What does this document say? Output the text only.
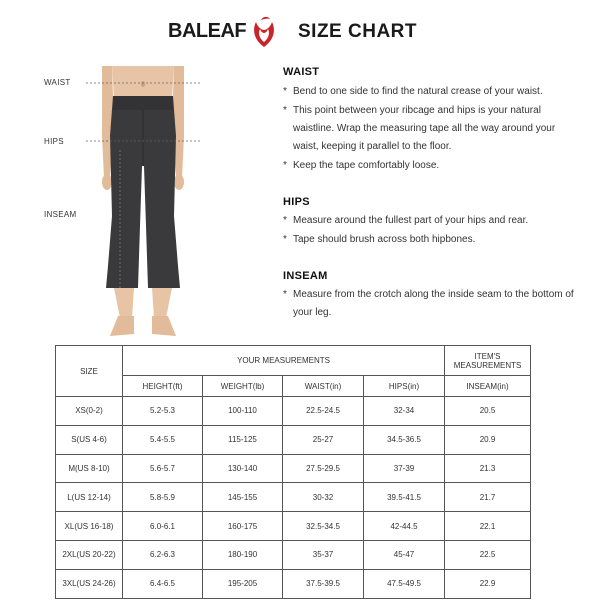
BALEAF	SIZE CHART
WAIST
HIPS
INSEAM
WAIST
* Bend to one side to find the natural crease of your waist.
* This point between your ribcage and hips is your natural waistline. Wrap the measuring tape all the way around your waist, keeping it parallel to the floor.
* Keep the tape comfortably loose.
HIPS
* Measure around the fullest part of your hips and rear.
* Tape should brush across both hipbones.
INSEAM
* Measure from the crotch along the inside seam to the bottom of your leg.
SIZE	YOUR MEASUREMENTS				ITEM'S MEASUREMENTS
	HEIGHT(ft)	WEIGHT(lb)	WAIST(in)	HIPS(in)	INSEAM(in)
XS(0-2)	5.2-5.3	100-110	22.5-24.5	32-34	20.5
S(US 4-6)	5.4-5.5	115-125	25-27	34.5-36.5	20.9
M(US 8-10)	5.6-5.7	130-140	27.5-29.5	37-39	21.3
L(US 12-14)	5.8-5.9	145-155	30-32	39.5-41.5	21.7
XL(US 16-18)	6.0-6.1	160-175	32.5-34.5	42-44.5	22.1
2XL(US 20-22)	6.2-6.3	180-190	35-37	45-47	22.5
3XL(US 24-26)	6.4-6.5	195-205	37.5-39.5	47.5-49.5	22.9
